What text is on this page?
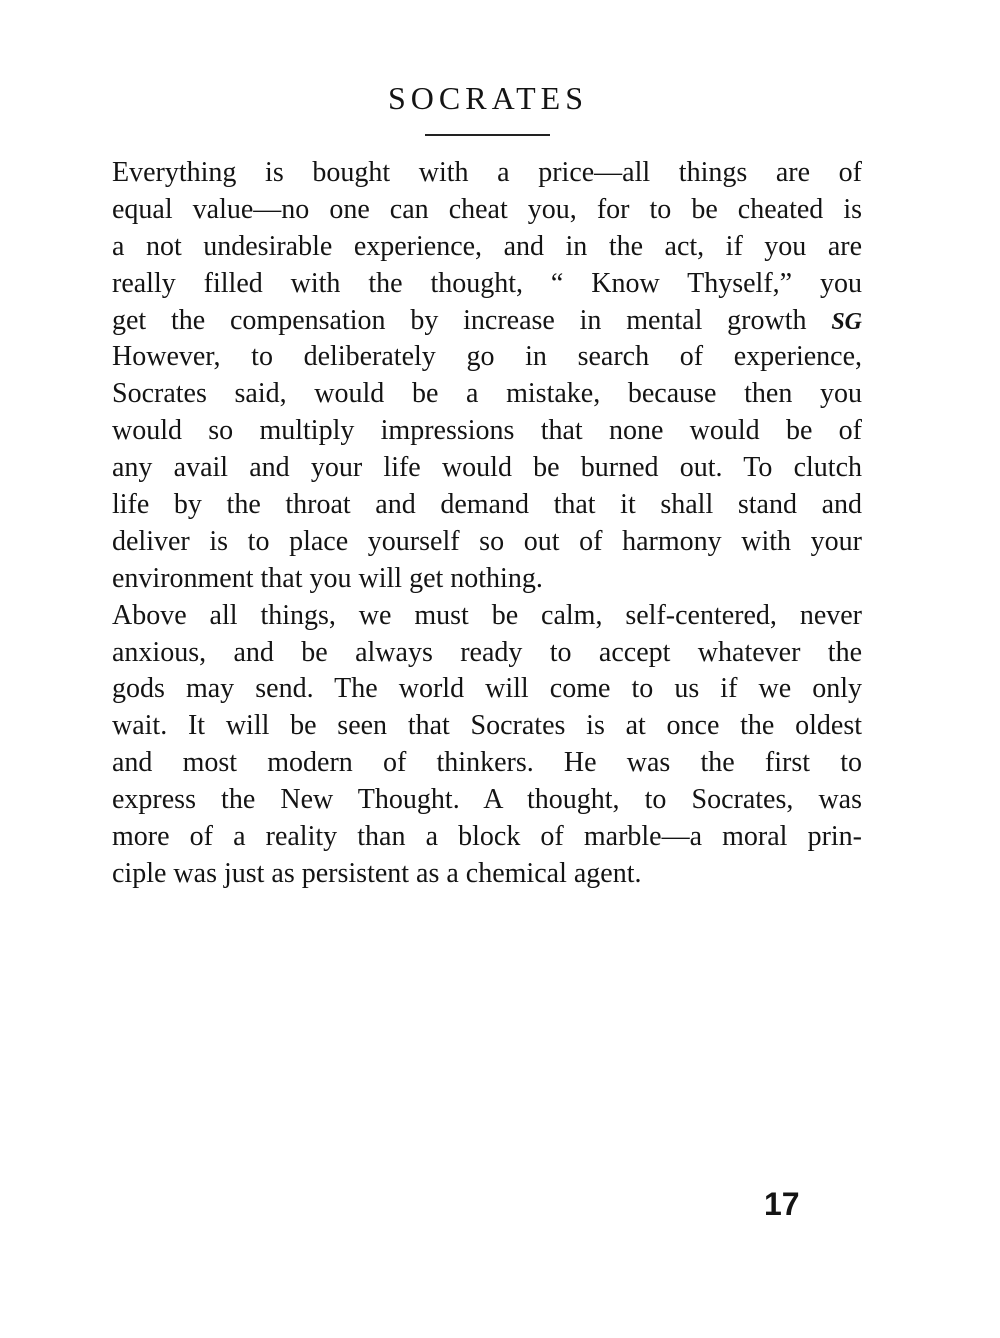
SOCRATES
Everything is bought with a price—all things are of
equal value—no one can cheat you, for to be cheated is
a not undesirable experience, and in the act, if you are
really filled with the thought, “ Know Thyself,” you
get the compensation by increase in mental growth SG
However, to deliberately go in search of experience,
Socrates said, would be a mistake, because then you
would so multiply impressions that none would be of
any avail and your life would be burned out. To clutch
life by the throat and demand that it shall stand and
deliver is to place yourself so out of harmony with your
environment that you will get nothing.
Above all things, we must be calm, self-centered, never
anxious, and be always ready to accept whatever the
gods may send. The world will come to us if we only
wait. It will be seen that Socrates is at once the oldest
and most modern of thinkers. He was the first to
express the New Thought. A thought, to Socrates, was
more of a reality than a block of marble—a moral prin-
ciple was just as persistent as a chemical agent.
17
